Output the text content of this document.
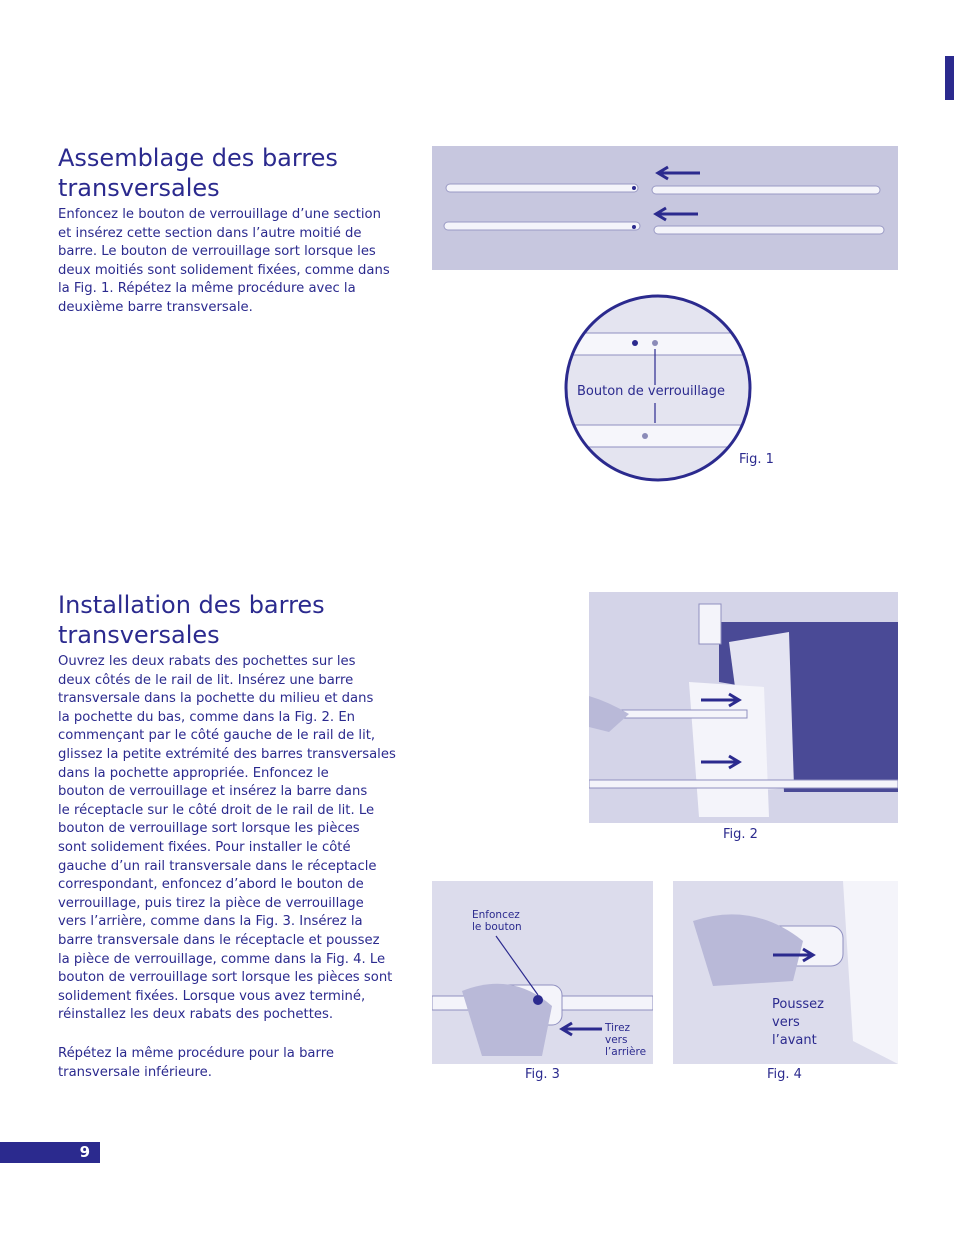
Assemblage des barres
transversales

Enfoncez le bouton de verrouillage d’une section
et insérez cette section dans l’autre moitié de
barre. Le bouton de verrouillage sort lorsque les
deux moitiés sont solidement fixées, comme dans
la Fig. 1. Répétez la même procédure avec la
deuxième barre transversale.

Bouton de verrouillage
Fig. 1
Installation des barres
transversales

Ouvrez les deux rabats des pochettes sur les
deux côtés de le rail de lit. Insérez une barre
transversale dans la pochette du milieu et dans
la pochette du bas, comme dans la Fig. 2. En
commençant par le côté gauche de le rail de lit,
glissez la petite extrémité des barres transversales
dans la pochette appropriée. Enfoncez le
bouton de verrouillage et insérez la barre dans
le réceptacle sur le côté droit de le rail de lit. Le
bouton de verrouillage sort lorsque les pièces
sont solidement fixées. Pour installer le côté
gauche d’un rail transversale dans le réceptacle
correspondant, enfoncez d’abord le bouton de
verrouillage, puis tirez la pièce de verrouillage
vers l’arrière, comme dans la Fig. 3. Insérez la
barre transversale dans le réceptacle et poussez
la pièce de verrouillage, comme dans la Fig. 4. Le
bouton de verrouillage sort lorsque les pièces sont
solidement fixées. Lorsque vous avez terminé,
réinstallez les deux rabats des pochettes.

Répétez la même procédure pour la barre
transversale inférieure.

Fig. 2
Enfoncez
le bouton
Tirez
vers
l’arrière
Fig. 3
Poussez
vers
l’avant
Fig. 4
9
